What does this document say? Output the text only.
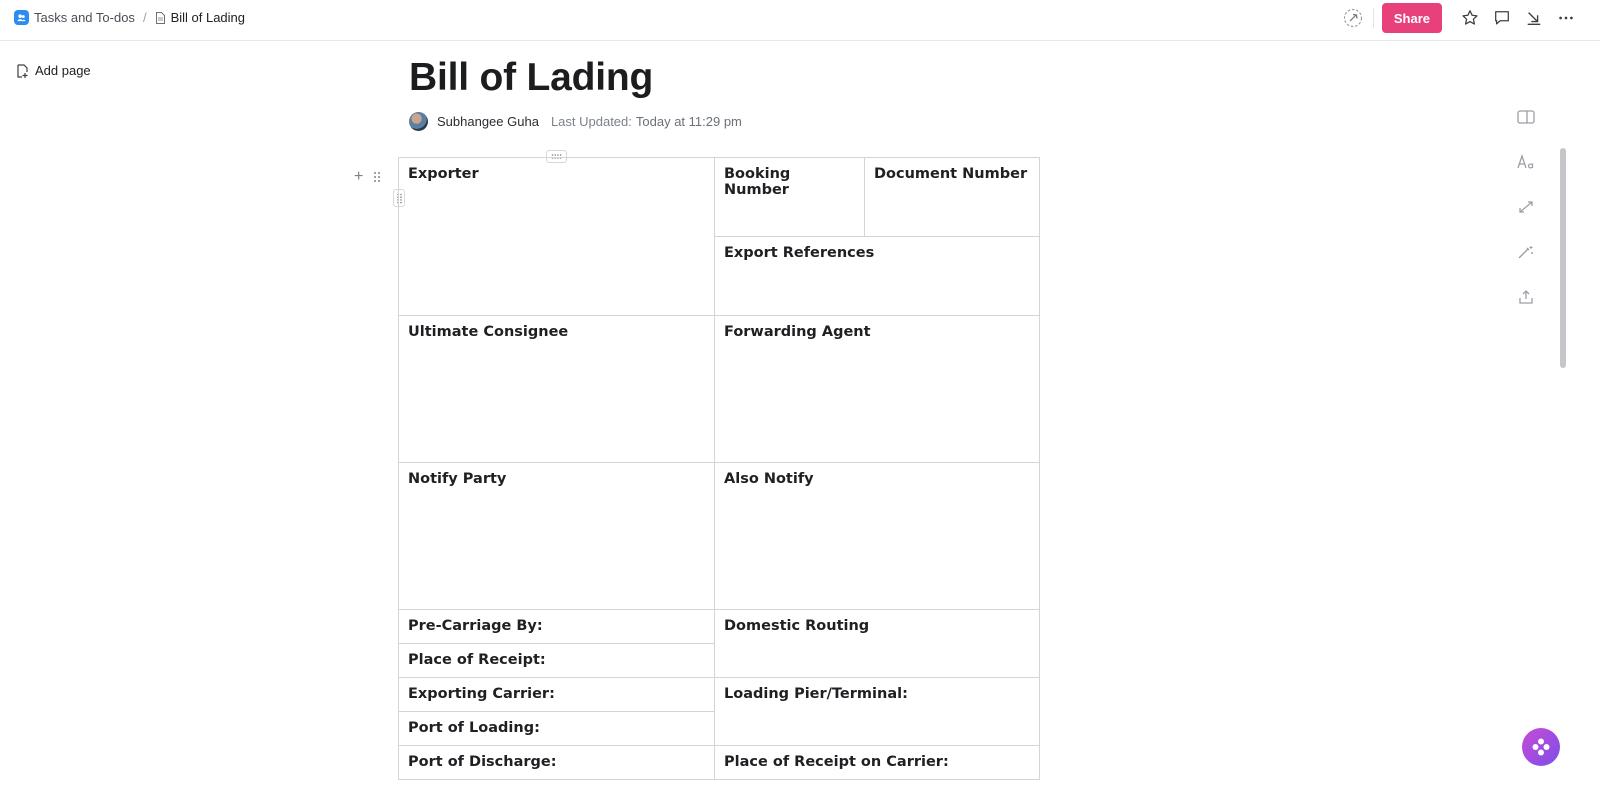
Tasks and To-dos / Bill of Lading	Share
Add page	Bill of Lading
Subhangee Guha Last Updated: Today at 11:29 pm
+	Exporter	Booking Number	Document Number
	Export References	
Ultimate Consignee	Forwarding Agent	
Notify Party	Also Notify	
Pre-Carriage By:	Domestic Routing	
Place of Receipt:		
Exporting Carrier:	Loading Pier/Terminal:	
Port of Loading:		
Port of Discharge:	Place of Receipt on Carrier:	
